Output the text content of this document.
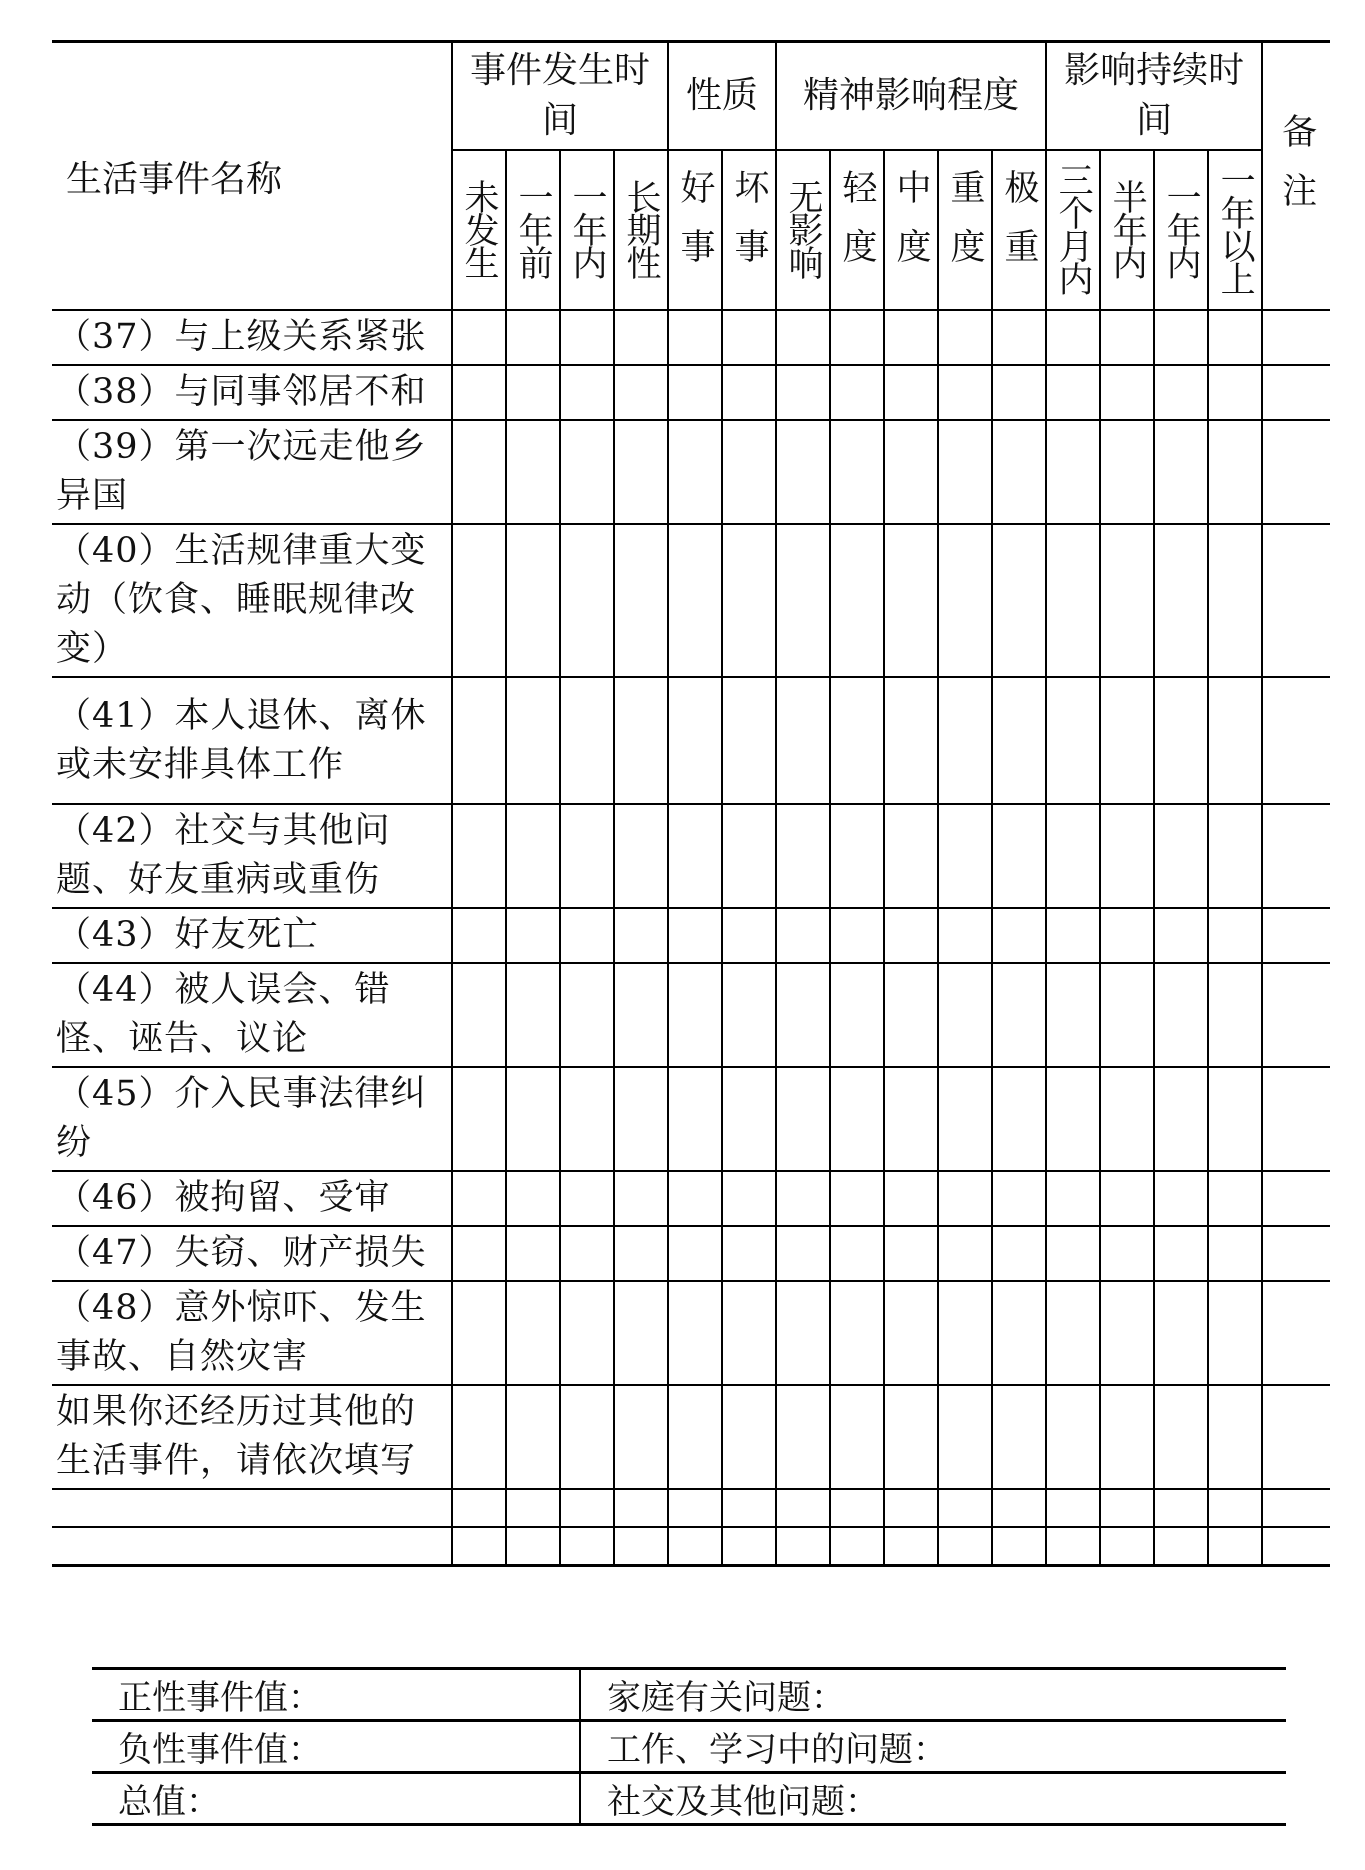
生活事件名称	事件发生时间				性质		精神影响程度					影响持续时间				备注
	未发生	一年前	一年内	长期性	好事	坏事	无影响	轻度	中度	重度	极重	三个月内	半年内	一年内	一年以上	
（37）与上级关系紧张																
（38）与同事邻居不和																
（39）第一次远走他乡异国																
（40）生活规律重大变动（饮食、睡眠规律改变）																
（41）本人退休、离休或未安排具体工作																
（42）社交与其他问题、好友重病或重伤																
（43）好友死亡																
（44）被人误会、错怪、诬告、议论																
（45）介入民事法律纠纷																
（46）被拘留、受审																
（47）失窃、财产损失																
（48）意外惊吓、发生事故、自然灾害																
如果你还经历过其他的生活事件，请依次填写																

正性事件值：	家庭有关问题：
负性事件值：	工作、学习中的问题：
总值：	社交及其他问题：
